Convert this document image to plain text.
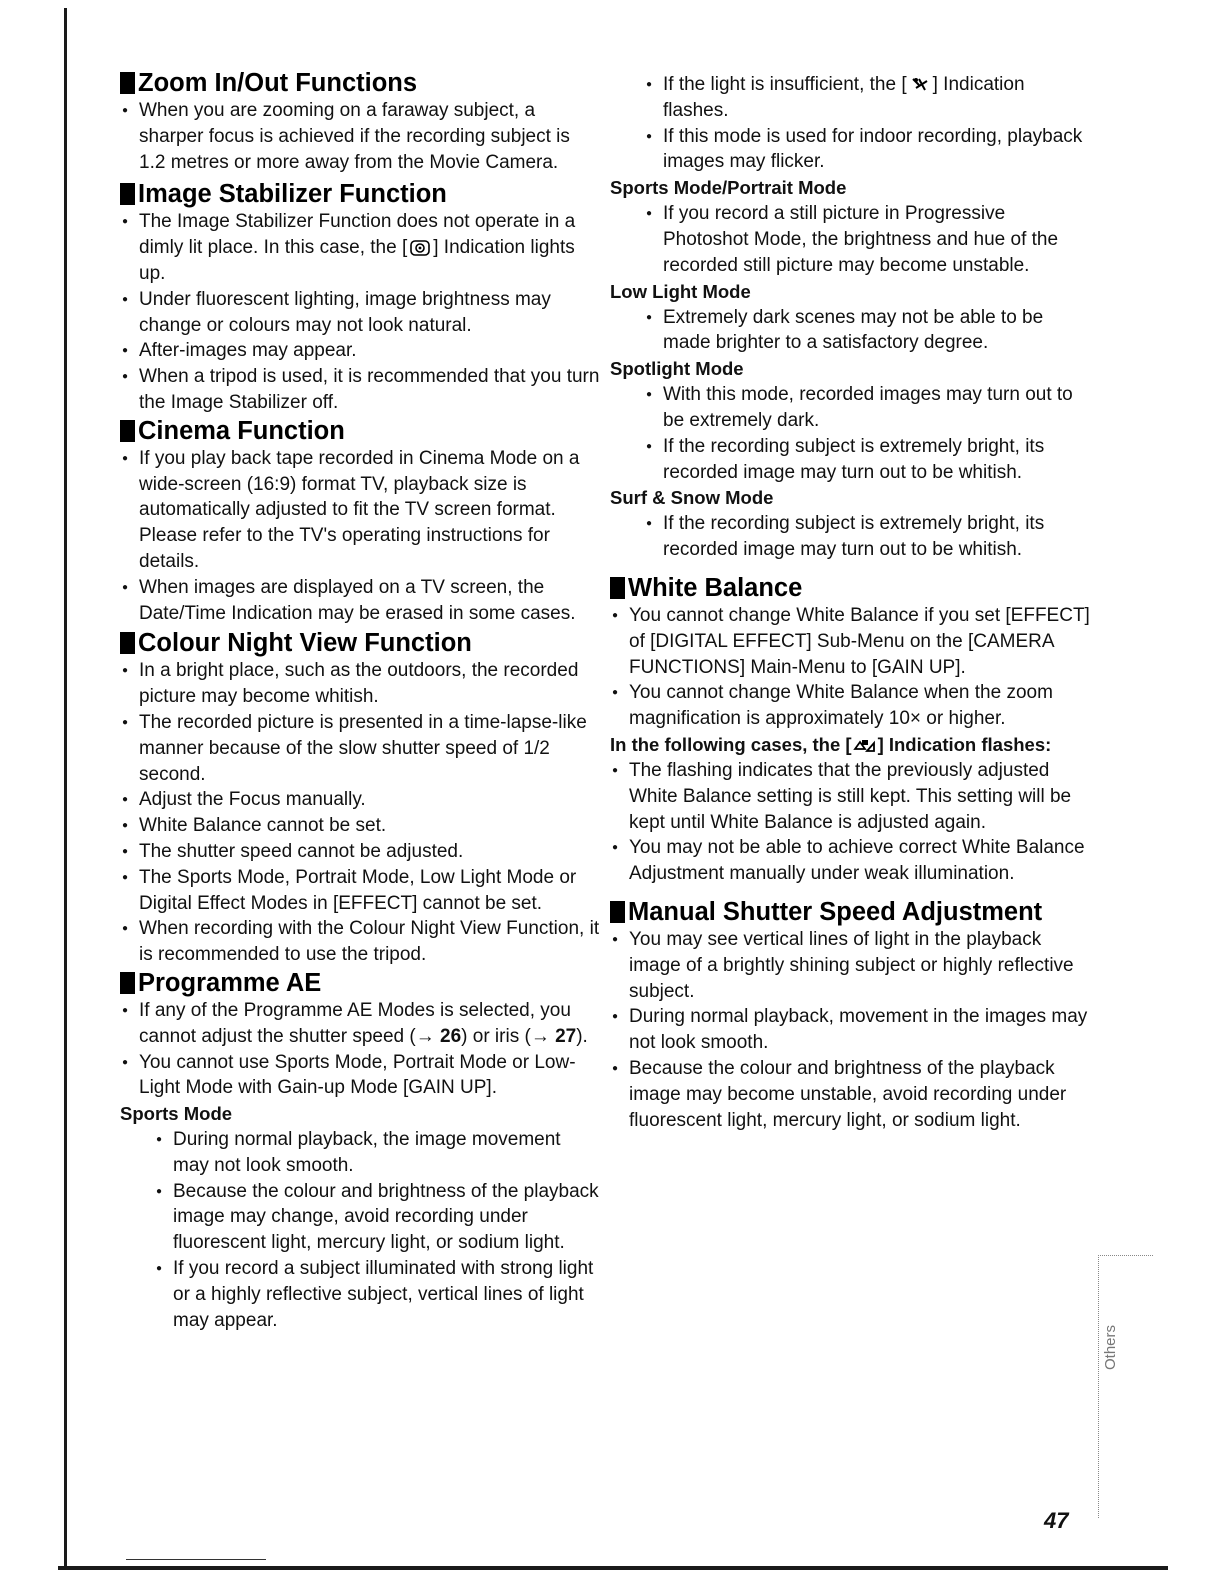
Zoom In/Out Functions
● When you are zooming on a faraway subject, a sharper focus is achieved if the recording subject is 1.2 metres or more away from the Movie Camera.
Image Stabilizer Function
● The Image Stabilizer Function does not operate in a dimly lit place. In this case, the [ ] Indication lights up.
● Under fluorescent lighting, image brightness may change or colours may not look natural.
● After-images may appear.
● When a tripod is used, it is recommended that you turn the Image Stabilizer off.
Cinema Function
● If you play back tape recorded in Cinema Mode on a wide-screen (16:9) format TV, playback size is automatically adjusted to fit the TV screen format. Please refer to the TV's operating instructions for details.
● When images are displayed on a TV screen, the Date/Time Indication may be erased in some cases.
Colour Night View Function
● In a bright place, such as the outdoors, the recorded picture may become whitish.
● The recorded picture is presented in a time-lapse-like manner because of the slow shutter speed of 1/2 second.
● Adjust the Focus manually.
● White Balance cannot be set.
● The shutter speed cannot be adjusted.
● The Sports Mode, Portrait Mode, Low Light Mode or Digital Effect Modes in [EFFECT] cannot be set.
● When recording with the Colour Night View Function, it is recommended to use the tripod.
Programme AE
● If any of the Programme AE Modes is selected, you cannot adjust the shutter speed (→ 26) or iris (→ 27).
● You cannot use Sports Mode, Portrait Mode or Low-Light Mode with Gain-up Mode [GAIN UP].
Sports Mode
● During normal playback, the image movement may not look smooth.
● Because the colour and brightness of the playback image may change, avoid recording under fluorescent light, mercury light, or sodium light.
● If you record a subject illuminated with strong light or a highly reflective subject, vertical lines of light may appear.
● If the light is insufficient, the [ ] Indication flashes.
● If this mode is used for indoor recording, playback images may flicker.
Sports Mode/Portrait Mode
● If you record a still picture in Progressive Photoshot Mode, the brightness and hue of the recorded still picture may become unstable.
Low Light Mode
● Extremely dark scenes may not be able to be made brighter to a satisfactory degree.
Spotlight Mode
● With this mode, recorded images may turn out to be extremely dark.
● If the recording subject is extremely bright, its recorded image may turn out to be whitish.
Surf & Snow Mode
● If the recording subject is extremely bright, its recorded image may turn out to be whitish.
White Balance
● You cannot change White Balance if you set [EFFECT] of [DIGITAL EFFECT] Sub-Menu on the [CAMERA FUNCTIONS] Main-Menu to [GAIN UP].
● You cannot change White Balance when the zoom magnification is approximately 10× or higher.
In the following cases, the [ ] Indication flashes:
● The flashing indicates that the previously adjusted White Balance setting is still kept. This setting will be kept until White Balance is adjusted again.
● You may not be able to achieve correct White Balance Adjustment manually under weak illumination.
Manual Shutter Speed Adjustment
● You may see vertical lines of light in the playback image of a brightly shining subject or highly reflective subject.
● During normal playback, movement in the images may not look smooth.
● Because the colour and brightness of the playback image may become unstable, avoid recording under fluorescent light, mercury light, or sodium light.
Others
47
